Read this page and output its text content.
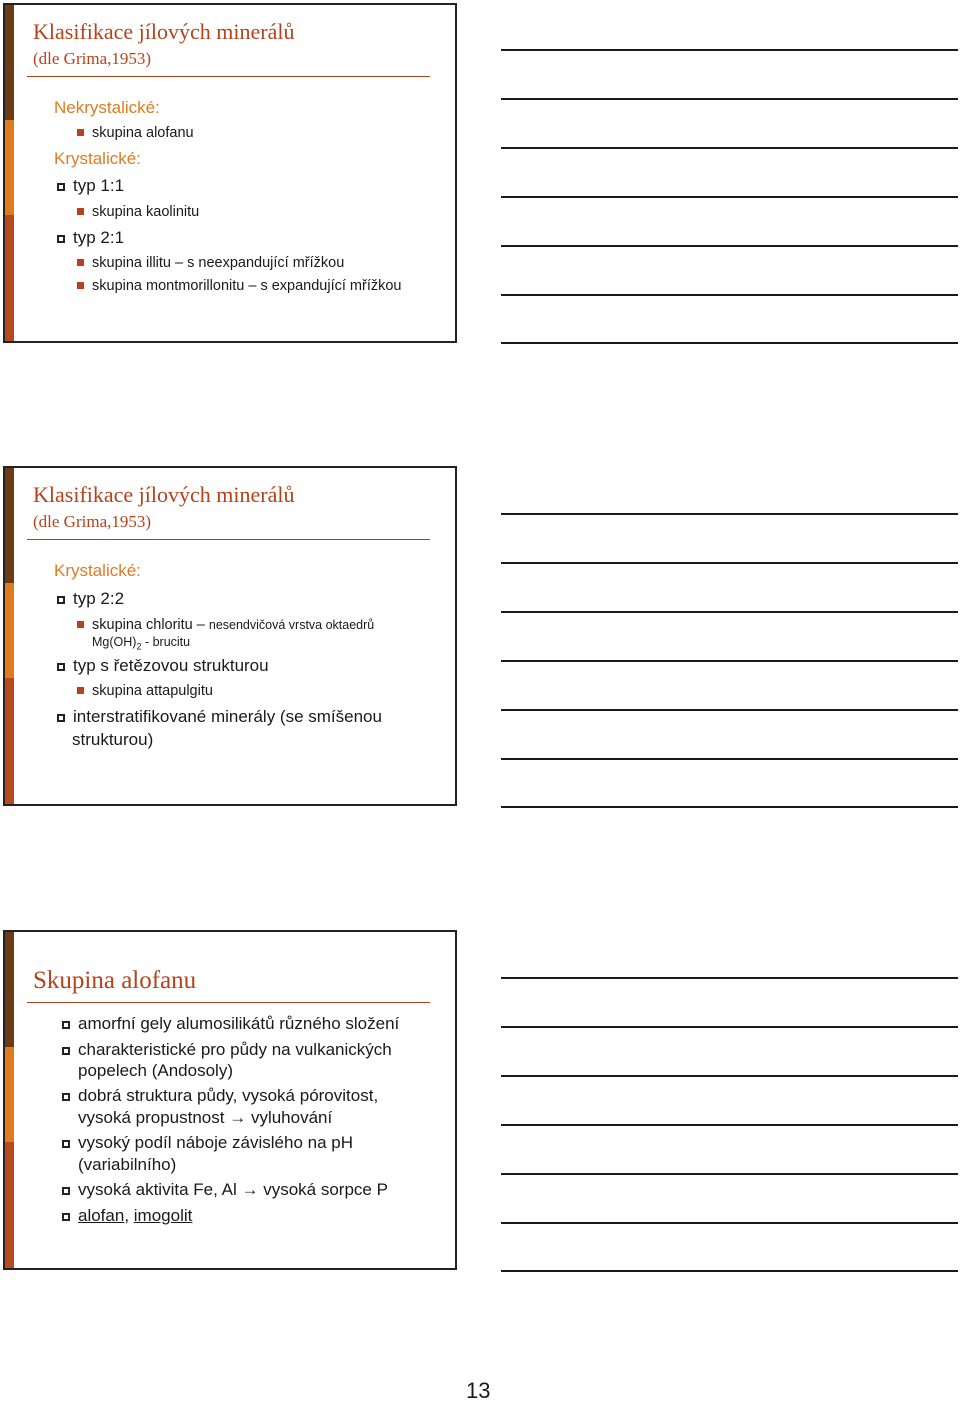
Klasifikace jílových minerálů
(dle Grima,1953)
Nekrystalické:
skupina alofanu
Krystalické:
typ 1:1
skupina kaolinitu
typ 2:1
skupina illitu – s neexpandující mřížkou
skupina montmorillonitu – s expandující mřížkou
Klasifikace jílových minerálů
(dle Grima,1953)
Krystalické:
typ 2:2
skupina chloritu – nesendvičová vrstva oktaedrů
$Mg(OH)_2$ - brucitu
typ s řetězovou strukturou
skupina attapulgitu
interstratifikované minerály (se smíšenou
strukturou)
Skupina alofanu
amorfní gely alumosilikátů různého složení
charakteristické pro půdy na vulkanických
popelech (Andosoly)
dobrá struktura půdy, vysoká pórovitost,
vysoká propustnost → vyluhování
vysoký podíl náboje závislého na pH
(variabilního)
vysoká aktivita Fe, Al → vysoká sorpce P
alofan, imogolit
13
